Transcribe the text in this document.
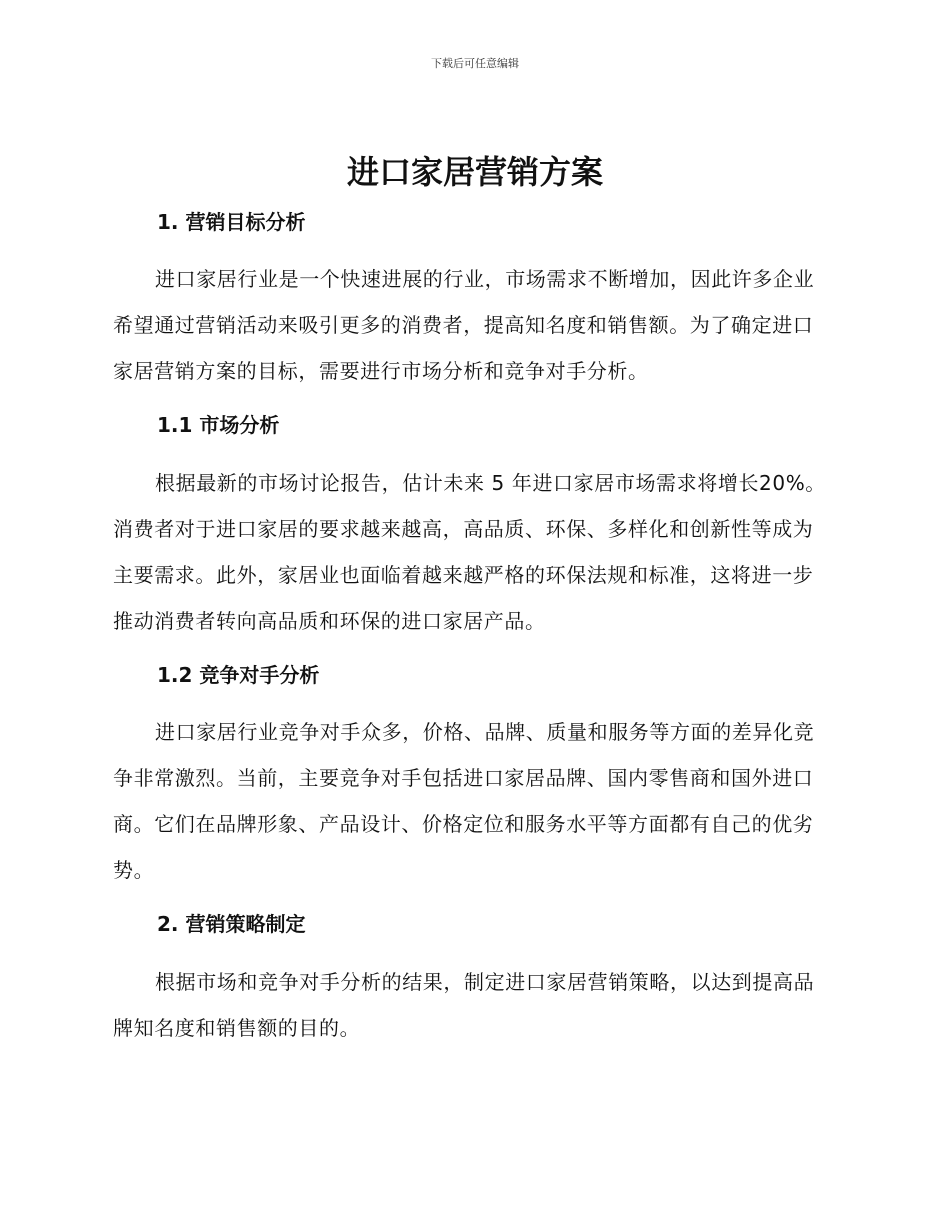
下载后可任意编辑
进口家居营销方案
1. 营销目标分析

进口家居行业是一个快速进展的行业，市场需求不断增加，因此许多企业希望通过营销活动来吸引更多的消费者，提高知名度和销售额。为了确定进口家居营销方案的目标，需要进行市场分析和竞争对手分析。

1.1 市场分析

根据最新的市场讨论报告，估计未来 5 年进口家居市场需求将增长20%。消费者对于进口家居的要求越来越高，高品质、环保、多样化和创新性等成为主要需求。此外，家居业也面临着越来越严格的环保法规和标准，这将进一步推动消费者转向高品质和环保的进口家居产品。

1.2 竞争对手分析

进口家居行业竞争对手众多，价格、品牌、质量和服务等方面的差异化竞争非常激烈。当前，主要竞争对手包括进口家居品牌、国内零售商和国外进口商。它们在品牌形象、产品设计、价格定位和服务水平等方面都有自己的优劣势。

2. 营销策略制定

根据市场和竞争对手分析的结果，制定进口家居营销策略，以达到提高品牌知名度和销售额的目的。
